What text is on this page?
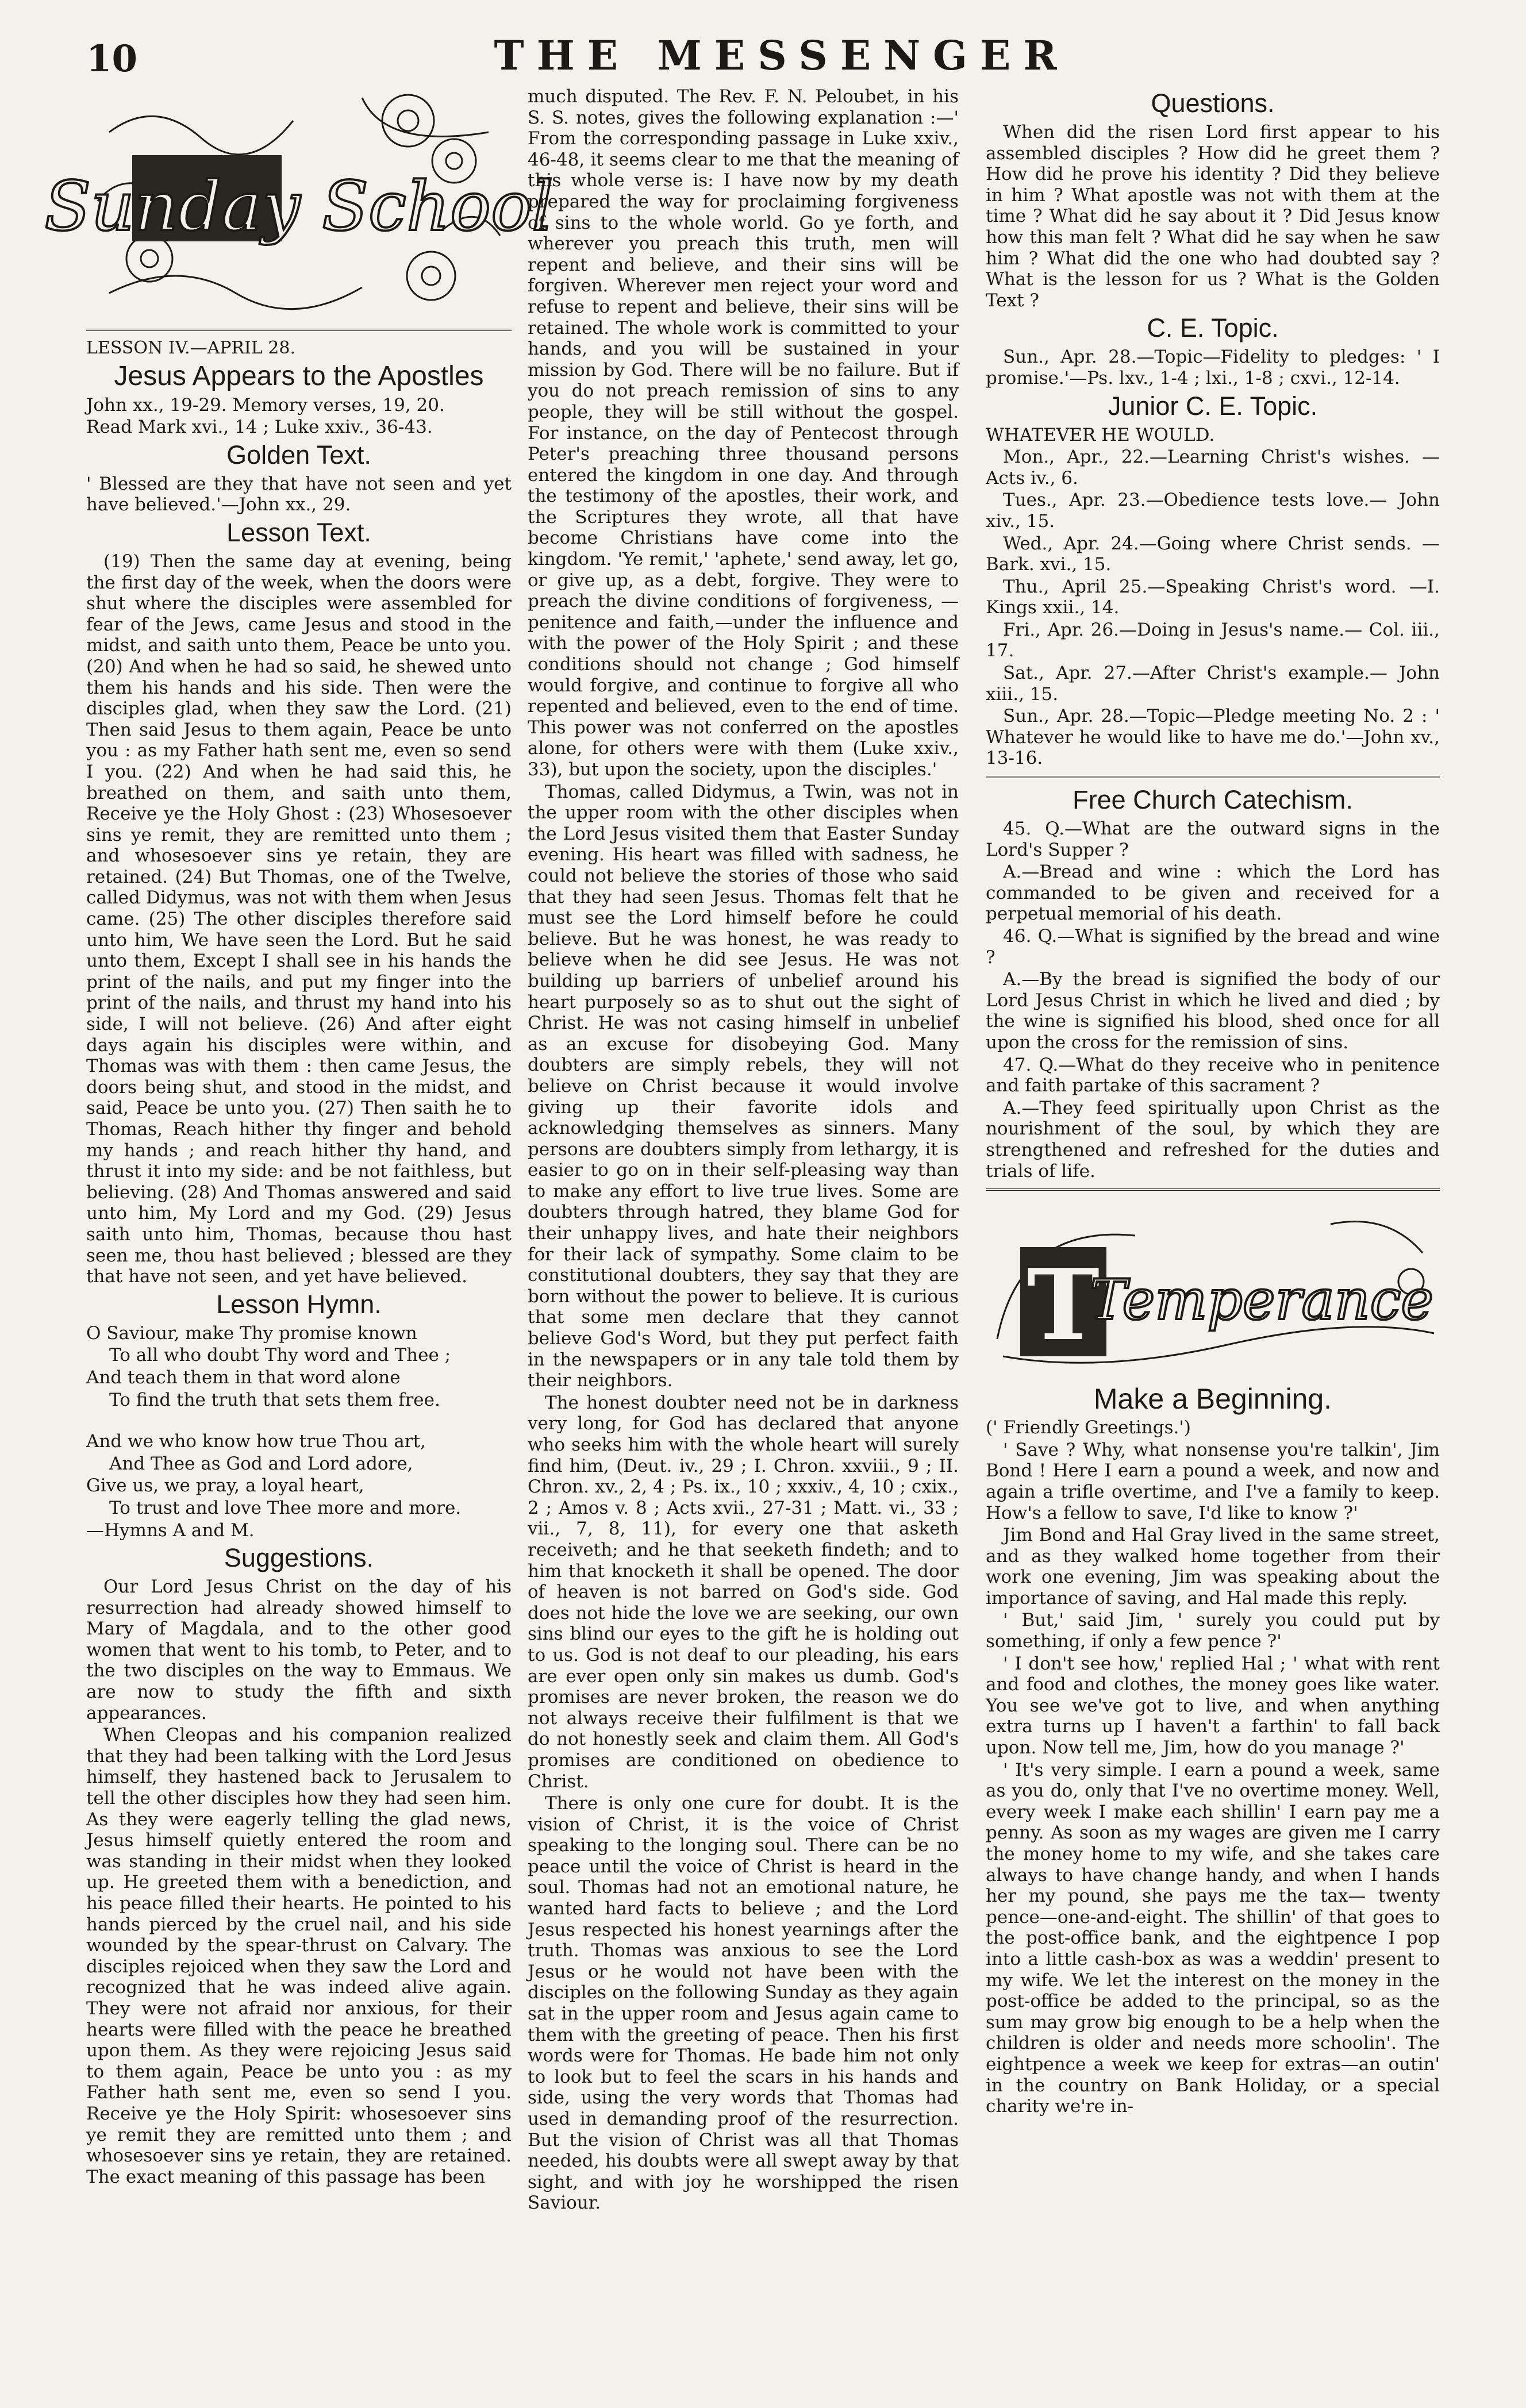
10	THE MESSENGER
Sunday School

LESSON IV.—APRIL 28.

Jesus Appears to the Apostles

John xx., 19-29. Memory verses, 19, 20.

Read Mark xvi., 14 ; Luke xxiv., 36-43.

Golden Text.

' Blessed are they that have not seen and yet have believed.'—John xx., 29.

Lesson Text.

(19) Then the same day at evening, being the first day of the week, when the doors were shut where the disciples were assembled for fear of the Jews, came Jesus and stood in the midst, and saith unto them, Peace be unto you. (20) And when he had so said, he shewed unto them his hands and his side. Then were the disciples glad, when they saw the Lord. (21) Then said Jesus to them again, Peace be unto you : as my Father hath sent me, even so send I you. (22) And when he had said this, he breathed on them, and saith unto them, Receive ye the Holy Ghost : (23) Whosesoever sins ye remit, they are remitted unto them ; and whosesoever sins ye retain, they are retained. (24) But Thomas, one of the Twelve, called Didymus, was not with them when Jesus came. (25) The other disciples therefore said unto him, We have seen the Lord. But he said unto them, Except I shall see in his hands the print of the nails, and put my finger into the print of the nails, and thrust my hand into his side, I will not believe. (26) And after eight days again his disciples were within, and Thomas was with them : then came Jesus, the doors being shut, and stood in the midst, and said, Peace be unto you. (27) Then saith he to Thomas, Reach hither thy finger and behold my hands ; and reach hither thy hand, and thrust it into my side: and be not faithless, but believing. (28) And Thomas answered and said unto him, My Lord and my God. (29) Jesus saith unto him, Thomas, because thou hast seen me, thou hast believed ; blessed are they that have not seen, and yet have believed.

Lesson Hymn.

O Saviour, make Thy promise known

To all who doubt Thy word and Thee ;

And teach them in that word alone

To find the truth that sets them free.

And we who know how true Thou art,

And Thee as God and Lord adore,

Give us, we pray, a loyal heart,

To trust and love Thee more and more.

—Hymns A and M.

Suggestions.

Our Lord Jesus Christ on the day of his resurrection had already showed himself to Mary of Magdala, and to the other good women that went to his tomb, to Peter, and to the two disciples on the way to Emmaus. We are now to study the fifth and sixth appearances.

When Cleopas and his companion realized that they had been talking with the Lord Jesus himself, they hastened back to Jerusalem to tell the other disciples how they had seen him. As they were eagerly telling the glad news, Jesus himself quietly entered the room and was standing in their midst when they looked up. He greeted them with a benediction, and his peace filled their hearts. He pointed to his hands pierced by the cruel nail, and his side wounded by the spear-thrust on Calvary. The disciples rejoiced when they saw the Lord and recognized that he was indeed alive again. They were not afraid nor anxious, for their hearts were filled with the peace he breathed upon them. As they were rejoicing Jesus said to them again, Peace be unto you : as my Father hath sent me, even so send I you. Receive ye the Holy Spirit: whosesoever sins ye remit they are remitted unto them ; and whosesoever sins ye retain, they are retained. The exact meaning of this passage has been

much disputed. The Rev. F. N. Peloubet, in his S. S. notes, gives the following explanation :—' From the corresponding passage in Luke xxiv., 46-48, it seems clear to me that the meaning of this whole verse is: I have now by my death prepared the way for proclaiming forgiveness of sins to the whole world. Go ye forth, and wherever you preach this truth, men will repent and believe, and their sins will be forgiven. Wherever men reject your word and refuse to repent and believe, their sins will be retained. The whole work is committed to your hands, and you will be sustained in your mission by God. There will be no failure. But if you do not preach remission of sins to any people, they will be still without the gospel. For instance, on the day of Pentecost through Peter's preaching three thousand persons entered the kingdom in one day. And through the testimony of the apostles, their work, and the Scriptures they wrote, all that have become Christians have come into the kingdom. 'Ye remit,' 'aphete,' send away, let go, or give up, as a debt, forgive. They were to preach the divine conditions of forgiveness, —penitence and faith,—under the influence and with the power of the Holy Spirit ; and these conditions should not change ; God himself would forgive, and continue to forgive all who repented and believed, even to the end of time. This power was not conferred on the apostles alone, for others were with them (Luke xxiv., 33), but upon the society, upon the disciples.'

Thomas, called Didymus, a Twin, was not in the upper room with the other disciples when the Lord Jesus visited them that Easter Sunday evening. His heart was filled with sadness, he could not believe the stories of those who said that they had seen Jesus. Thomas felt that he must see the Lord himself before he could believe. But he was honest, he was ready to believe when he did see Jesus. He was not building up barriers of unbelief around his heart purposely so as to shut out the sight of Christ. He was not casing himself in unbelief as an excuse for disobeying God. Many doubters are simply rebels, they will not believe on Christ because it would involve giving up their favorite idols and acknowledging themselves as sinners. Many persons are doubters simply from lethargy, it is easier to go on in their self-pleasing way than to make any effort to live true lives. Some are doubters through hatred, they blame God for their unhappy lives, and hate their neighbors for their lack of sympathy. Some claim to be constitutional doubters, they say that they are born without the power to believe. It is curious that some men declare that they cannot believe God's Word, but they put perfect faith in the newspapers or in any tale told them by their neighbors.

The honest doubter need not be in darkness very long, for God has declared that anyone who seeks him with the whole heart will surely find him, (Deut. iv., 29 ; I. Chron. xxviii., 9 ; II. Chron. xv., 2, 4 ; Ps. ix., 10 ; xxxiv., 4, 10 ; cxix., 2 ; Amos v. 8 ; Acts xvii., 27-31 ; Matt. vi., 33 ; vii., 7, 8, 11), for every one that asketh receiveth; and he that seeketh findeth; and to him that knocketh it shall be opened. The door of heaven is not barred on God's side. God does not hide the love we are seeking, our own sins blind our eyes to the gift he is holding out to us. God is not deaf to our pleading, his ears are ever open only sin makes us dumb. God's promises are never broken, the reason we do not always receive their fulfilment is that we do not honestly seek and claim them. All God's promises are conditioned on obedience to Christ.

There is only one cure for doubt. It is the vision of Christ, it is the voice of Christ speaking to the longing soul. There can be no peace until the voice of Christ is heard in the soul. Thomas had not an emotional nature, he wanted hard facts to believe ; and the Lord Jesus respected his honest yearnings after the truth. Thomas was anxious to see the Lord Jesus or he would not have been with the disciples on the following Sunday as they again sat in the upper room and Jesus again came to them with the greeting of peace. Then his first words were for Thomas. He bade him not only to look but to feel the scars in his hands and side, using the very words that Thomas had used in demanding proof of the resurrection. But the vision of Christ was all that Thomas needed, his doubts were all swept away by that sight, and with joy he worshipped the risen Saviour.

Questions.

When did the risen Lord first appear to his assembled disciples ? How did he greet them ? How did he prove his identity ? Did they believe in him ? What apostle was not with them at the time ? What did he say about it ? Did Jesus know how this man felt ? What did he say when he saw him ? What did the one who had doubted say ? What is the lesson for us ? What is the Golden Text ?

C. E. Topic.

Sun., Apr. 28.—Topic—Fidelity to pledges: ' I promise.'—Ps. lxv., 1-4 ; lxi., 1-8 ; cxvi., 12-14.

Junior C. E. Topic.

WHATEVER HE WOULD.

Mon., Apr., 22.—Learning Christ's wishes. —Acts iv., 6.

Tues., Apr. 23.—Obedience tests love.— John xiv., 15.

Wed., Apr. 24.—Going where Christ sends. —Bark. xvi., 15.

Thu., April 25.—Speaking Christ's word. —I. Kings xxii., 14.

Fri., Apr. 26.—Doing in Jesus's name.— Col. iii., 17.

Sat., Apr. 27.—After Christ's example.— John xiii., 15.

Sun., Apr. 28.—Topic—Pledge meeting No. 2 : ' Whatever he would like to have me do.'—John xv., 13-16.

Free Church Catechism.

45. Q.—What are the outward signs in the Lord's Supper ?

A.—Bread and wine : which the Lord has commanded to be given and received for a perpetual memorial of his death.

46. Q.—What is signified by the bread and wine ?

A.—By the bread is signified the body of our Lord Jesus Christ in which he lived and died ; by the wine is signified his blood, shed once for all upon the cross for the remission of sins.

47. Q.—What do they receive who in penitence and faith partake of this sacrament ?

A.—They feed spiritually upon Christ as the nourishment of the soul, by which they are strengthened and refreshed for the duties and trials of life.

T
Temperance
Make a Beginning.

(' Friendly Greetings.')

' Save ? Why, what nonsense you're talkin', Jim Bond ! Here I earn a pound a week, and now and again a trifle overtime, and I've a family to keep. How's a fellow to save, I'd like to know ?'

Jim Bond and Hal Gray lived in the same street, and as they walked home together from their work one evening, Jim was speaking about the importance of saving, and Hal made this reply.

' But,' said Jim, ' surely you could put by something, if only a few pence ?'

' I don't see how,' replied Hal ; ' what with rent and food and clothes, the money goes like water. You see we've got to live, and when anything extra turns up I haven't a farthin' to fall back upon. Now tell me, Jim, how do you manage ?'

' It's very simple. I earn a pound a week, same as you do, only that I've no overtime money. Well, every week I make each shillin' I earn pay me a penny. As soon as my wages are given me I carry the money home to my wife, and she takes care always to have change handy, and when I hands her my pound, she pays me the tax— twenty pence—one-and-eight. The shillin' of that goes to the post-office bank, and the eightpence I pop into a little cash-box as was a weddin' present to my wife. We let the interest on the money in the post-office be added to the principal, so as the sum may grow big enough to be a help when the children is older and needs more schoolin'. The eightpence a week we keep for extras—an outin' in the country on Bank Holiday, or a special charity we're in-
